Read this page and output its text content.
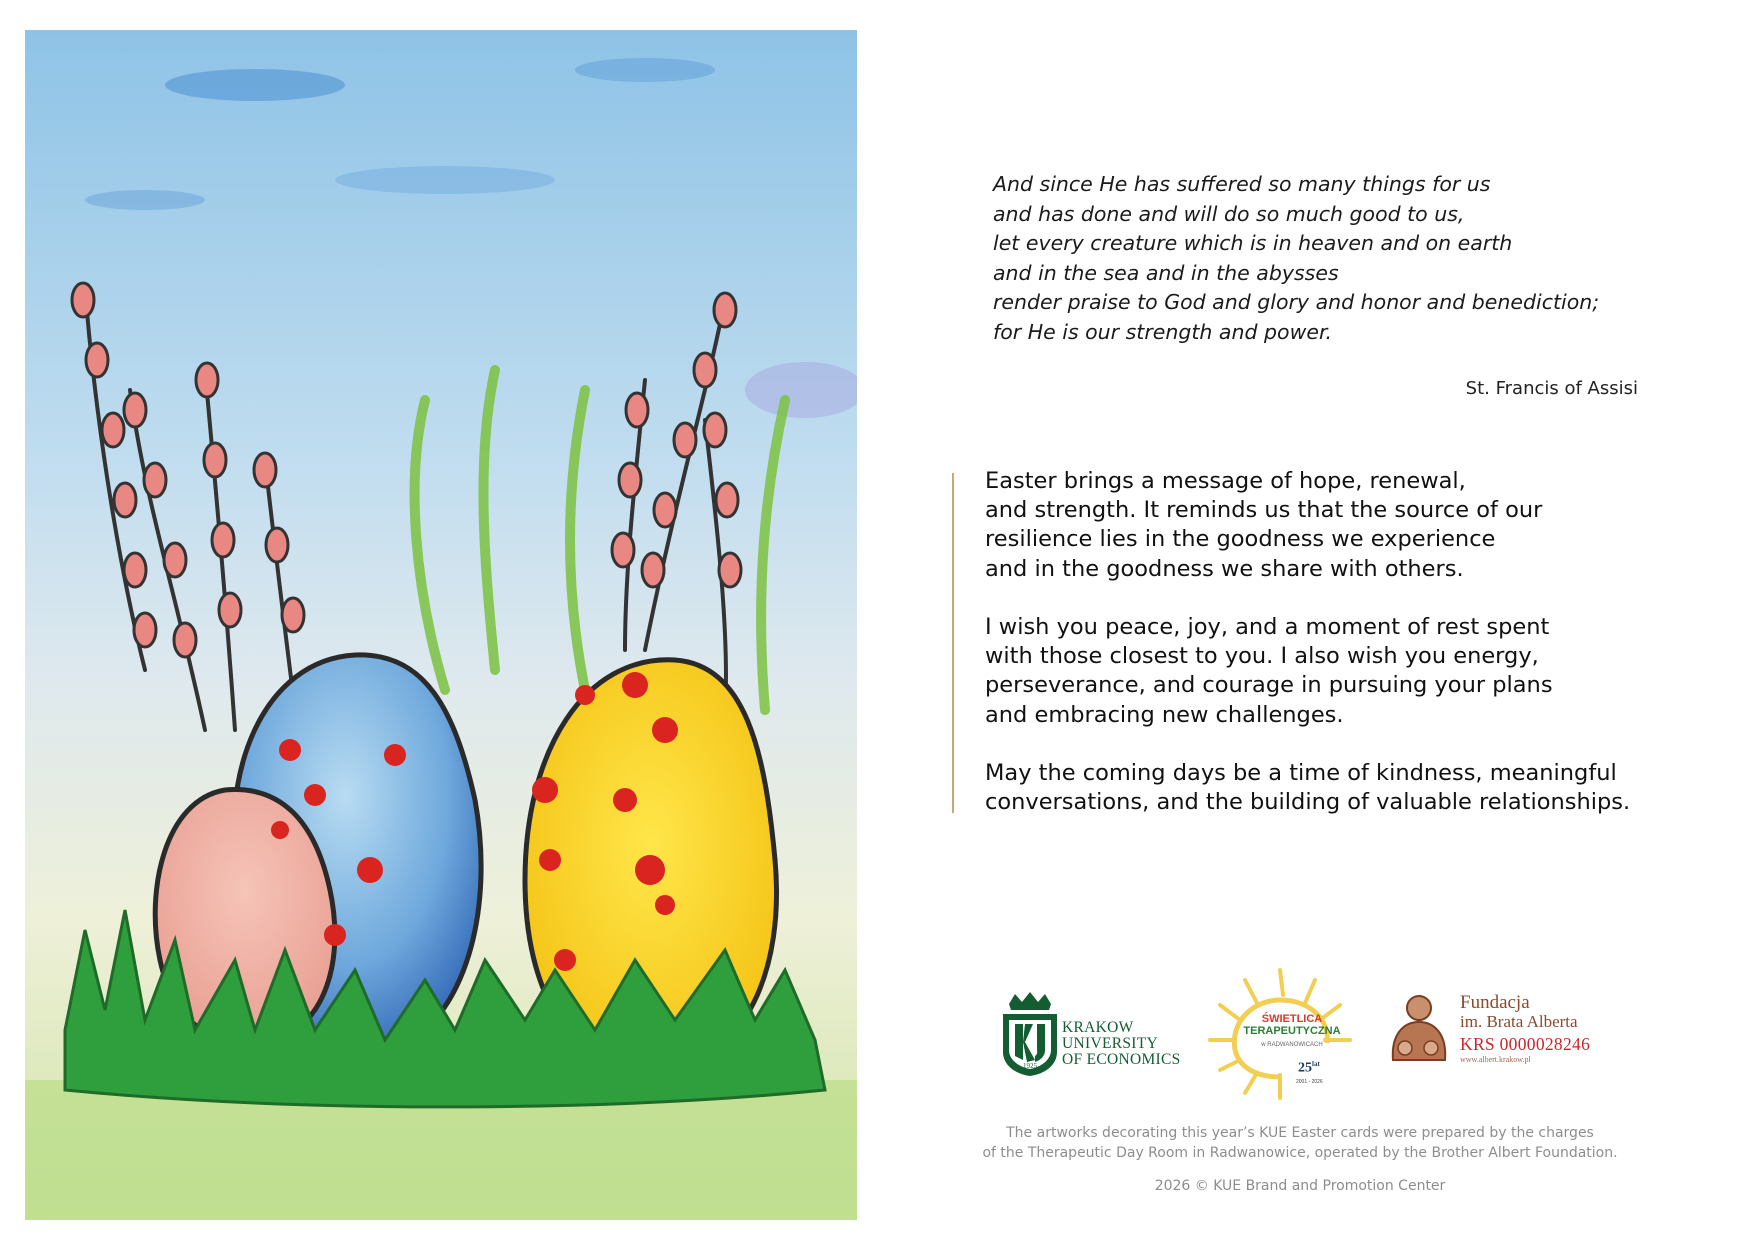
And since He has suffered so many things for us
and has done and will do so much good to us,
let every creature which is in heaven and on earth
and in the sea and in the abysses
render praise to God and glory and honor and benediction;
for He is our strength and power.
St. Francis of Assisi
Easter brings a message of hope, renewal,
and strength. It reminds us that the source of our
resilience lies in the goodness we experience
and in the goodness we share with others.
I wish you peace, joy, and a moment of rest spent
with those closest to you. I also wish you energy,
perseverance, and courage in pursuing your plans
and embracing new challenges.
May the coming days be a time of kindness, meaningful
conversations, and the building of valuable relationships.
1925
KRAKOW
UNIVERSITY
OF ECONOMICS
ŚWIETLICA
TERAPEUTYCZNA
w RADWANOWICACH
$25^{lat}$
2001 - 2026
Fundacja
im. Brata Alberta
KRS 0000028246
www.albert.krakow.pl
The artworks decorating this year’s KUE Easter cards were prepared by the charges
of the Therapeutic Day Room in Radwanowice, operated by the Brother Albert Foundation.
2026 © KUE Brand and Promotion Center
